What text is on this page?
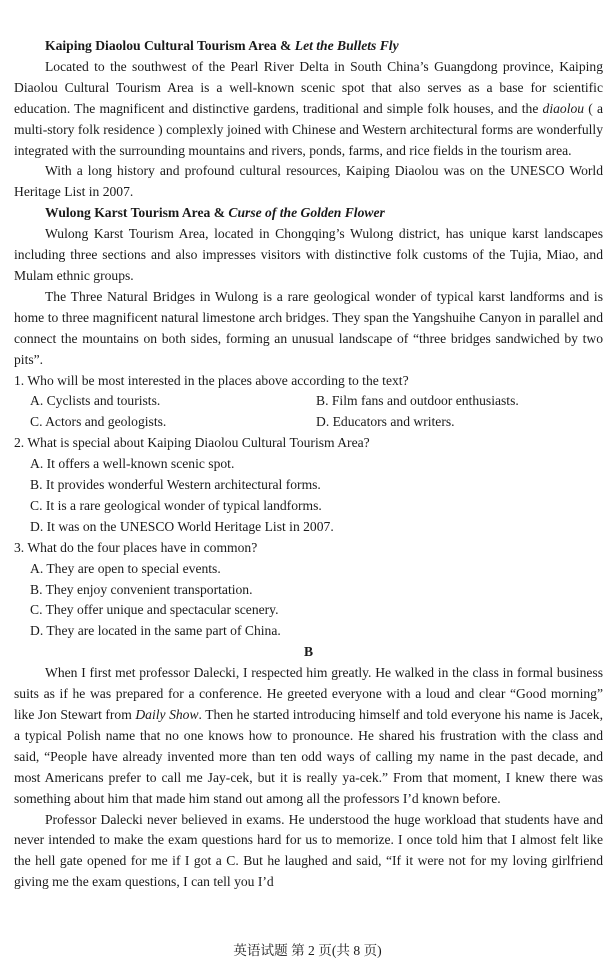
Kaiping Diaolou Cultural Tourism Area & Let the Bullets Fly

Located to the southwest of the Pearl River Delta in South China’s Guangdong province, Kaiping Diaolou Cultural Tourism Area is a well-known scenic spot that also serves as a base for scientific education. The magnificent and distinctive gardens, traditional and simple folk houses, and the diaolou ( a multi-story folk residence ) complexly joined with Chinese and Western architectural forms are wonderfully integrated with the surrounding mountains and rivers, ponds, farms, and rice fields in the tourism area.

With a long history and profound cultural resources, Kaiping Diaolou was on the UNESCO World Heritage List in 2007.

Wulong Karst Tourism Area & Curse of the Golden Flower

Wulong Karst Tourism Area, located in Chongqing’s Wulong district, has unique karst landscapes including three sections and also impresses visitors with distinctive folk customs of the Tujia, Miao, and Mulam ethnic groups.

The Three Natural Bridges in Wulong is a rare geological wonder of typical karst landforms and is home to three magnificent natural limestone arch bridges. They span the Yangshuihe Canyon in parallel and connect the mountains on both sides, forming an unusual landscape of “three bridges sandwiched by two pits”.

1. Who will be most interested in the places above according to the text?

A. Cyclists and tourists.	B. Film fans and outdoor enthusiasts.

C. Actors and geologists.	D. Educators and writers.

2. What is special about Kaiping Diaolou Cultural Tourism Area?

A. It offers a well-known scenic spot.

B. It provides wonderful Western architectural forms.

C. It is a rare geological wonder of typical landforms.

D. It was on the UNESCO World Heritage List in 2007.

3. What do the four places have in common?

A. They are open to special events.

B. They enjoy convenient transportation.

C. They offer unique and spectacular scenery.

D. They are located in the same part of China.

B

When I first met professor Dalecki, I respected him greatly. He walked in the class in formal business suits as if he was prepared for a conference. He greeted everyone with a loud and clear “Good morning” like Jon Stewart from Daily Show. Then he started introducing himself and told everyone his name is Jacek, a typical Polish name that no one knows how to pronounce. He shared his frustration with the class and said, “People have already invented more than ten odd ways of calling my name in the past decade, and most Americans prefer to call me Jay-cek, but it is really ya-cek.” From that moment, I knew there was something about him that made him stand out among all the professors I’d known before.

Professor Dalecki never believed in exams. He understood the huge workload that students have and never intended to make the exam questions hard for us to memorize. I once told him that I almost felt like the hell gate opened for me if I got a C. But he laughed and said, “If it were not for my loving girlfriend giving me the exam questions, I can tell you I’d

英语试题 第 2 页(共 8 页)
